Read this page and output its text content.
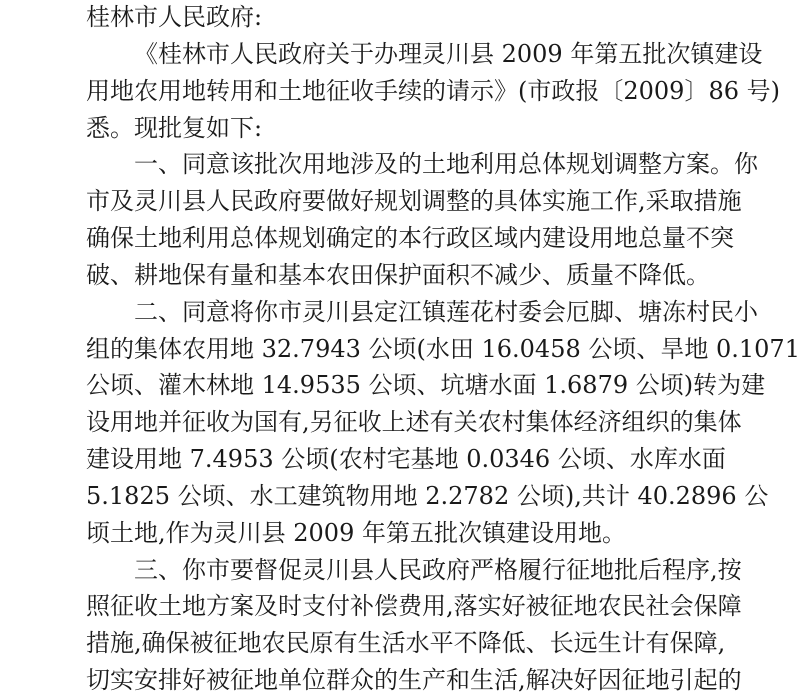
桂林市人民政府:
《桂林市人民政府关于办理灵川县 2009 年第五批次镇建设
用地农用地转用和土地征收手续的请示》(市政报〔2009〕86 号)
悉。现批复如下:
一、同意该批次用地涉及的土地利用总体规划调整方案。你
市及灵川县人民政府要做好规划调整的具体实施工作,采取措施
确保土地利用总体规划确定的本行政区域内建设用地总量不突
破、耕地保有量和基本农田保护面积不减少、质量不降低。
二、同意将你市灵川县定江镇莲花村委会厄脚、塘冻村民小
组的集体农用地 32.7943 公顷(水田 16.0458 公顷、旱地 0.1071
公顷、灌木林地 14.9535 公顷、坑塘水面 1.6879 公顷)转为建
设用地并征收为国有,另征收上述有关农村集体经济组织的集体
建设用地 7.4953 公顷(农村宅基地 0.0346 公顷、水库水面
5.1825 公顷、水工建筑物用地 2.2782 公顷),共计 40.2896 公
顷土地,作为灵川县 2009 年第五批次镇建设用地。
三、你市要督促灵川县人民政府严格履行征地批后程序,按
照征收土地方案及时支付补偿费用,落实好被征地农民社会保障
措施,确保被征地农民原有生活水平不降低、长远生计有保障,
切实安排好被征地单位群众的生产和生活,解决好因征地引起的
